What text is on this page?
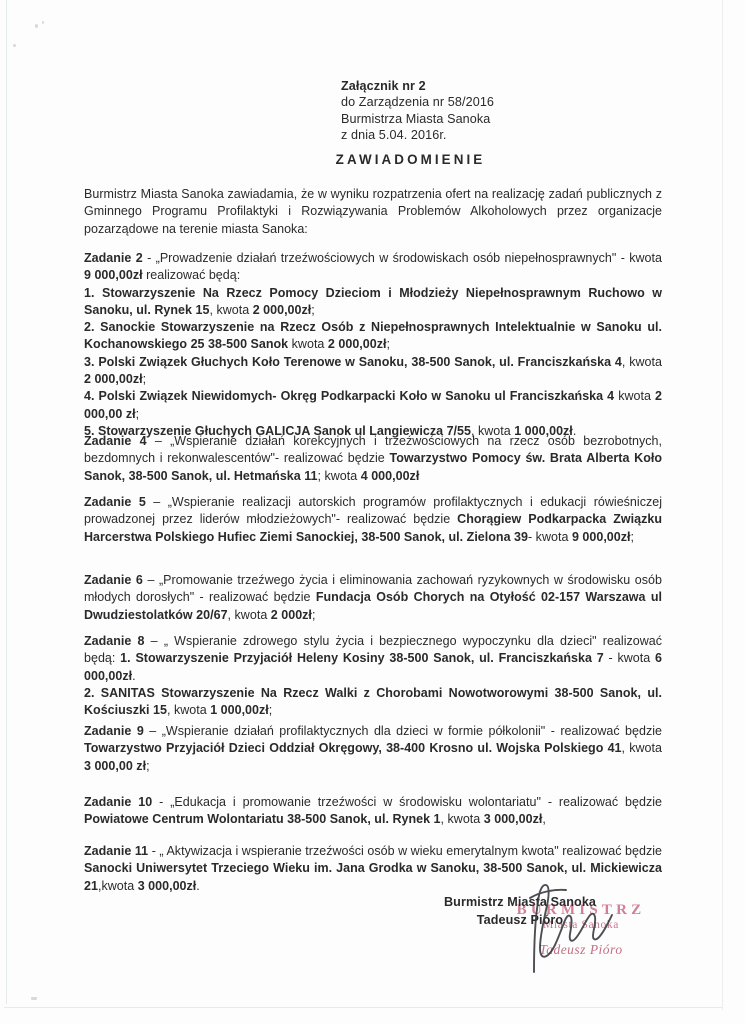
Załącznik nr 2
do Zarządzenia nr 58/2016
Burmistrza Miasta Sanoka
z dnia 5.04. 2016r.
ZAWIADOMIENIE
Burmistrz Miasta Sanoka zawiadamia, że w wyniku rozpatrzenia ofert na realizację zadań publicznych z Gminnego Programu Profilaktyki i Rozwiązywania Problemów Alkoholowych przez organizacje pozarządowe na terenie miasta Sanoka:
Zadanie 2 - „Prowadzenie działań trzeźwościowych w środowiskach osób niepełnosprawnych" - kwota 9 000,00zł realizować będą:
1. Stowarzyszenie Na Rzecz Pomocy Dzieciom i Młodzieży Niepełnosprawnym Ruchowo w Sanoku, ul. Rynek 15, kwota 2 000,00zł;
2. Sanockie Stowarzyszenie na Rzecz Osób z Niepełnosprawnych Intelektualnie w Sanoku ul. Kochanowskiego 25 38-500 Sanok kwota 2 000,00zł;
3. Polski Związek Głuchych Koło Terenowe w Sanoku, 38-500 Sanok, ul. Franciszkańska 4, kwota 2 000,00zł;
4. Polski Związek Niewidomych- Okręg Podkarpacki Koło w Sanoku ul Franciszkańska 4 kwota 2 000,00 zł;
5. Stowarzyszenie Głuchych GALICJA Sanok ul Langiewicza 7/55, kwota 1 000,00zł.
Zadanie 4 – „Wspieranie działań korekcyjnych i trzeźwościowych na rzecz osób bezrobotnych, bezdomnych i rekonwalescentów"- realizować będzie Towarzystwo Pomocy św. Brata Alberta Koło Sanok, 38-500 Sanok, ul. Hetmańska 11; kwota 4 000,00zł
Zadanie 5 – „Wspieranie realizacji autorskich programów profilaktycznych i edukacji rówieśniczej prowadzonej przez liderów młodzieżowych"- realizować będzie Chorągiew Podkarpacka Związku Harcerstwa Polskiego Hufiec Ziemi Sanockiej, 38-500 Sanok, ul. Zielona 39- kwota 9 000,00zł;
Zadanie 6 – „Promowanie trzeźwego życia i eliminowania zachowań ryzykownych w środowisku osób młodych dorosłych" - realizować będzie Fundacja Osób Chorych na Otyłość 02-157 Warszawa ul Dwudziestolatków 20/67, kwota 2 000zł;
Zadanie 8 – „ Wspieranie zdrowego stylu życia i bezpiecznego wypoczynku dla dzieci" realizować będą: 1. Stowarzyszenie Przyjaciół Heleny Kosiny 38-500 Sanok, ul. Franciszkańska 7 - kwota 6 000,00zł.
2. SANITAS Stowarzyszenie Na Rzecz Walki z Chorobami Nowotworowymi 38-500 Sanok, ul. Kościuszki 15, kwota 1 000,00zł;
Zadanie 9 – „Wspieranie działań profilaktycznych dla dzieci w formie półkolonii" - realizować będzie Towarzystwo Przyjaciół Dzieci Oddział Okręgowy, 38-400 Krosno ul. Wojska Polskiego 41, kwota 3 000,00 zł;
Zadanie 10 - „Edukacja i promowanie trzeźwości w środowisku wolontariatu" - realizować będzie Powiatowe Centrum Wolontariatu 38-500 Sanok, ul. Rynek 1, kwota 3 000,00zł,
Zadanie 11 - „ Aktywizacja i wspieranie trzeźwości osób w wieku emerytalnym kwota" realizować będzie Sanocki Uniwersytet Trzeciego Wieku im. Jana Grodka w Sanoku, 38-500 Sanok, ul. Mickiewicza 21,kwota 3 000,00zł.
BURMISTRZ
Miasta Sanoka
Tadeusz Pióro
Burmistrz Miasta Sanoka
Tadeusz Pióro
